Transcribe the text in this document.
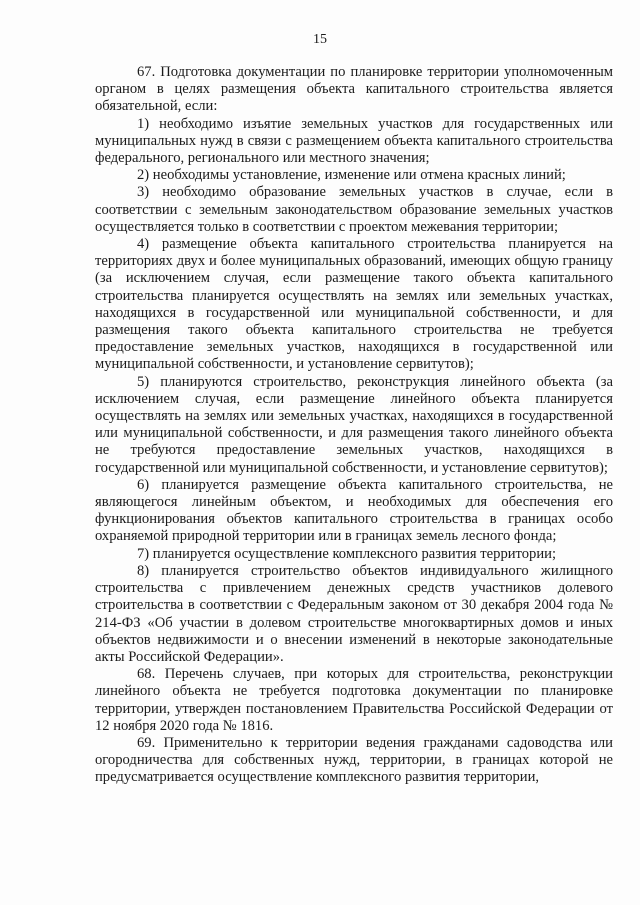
15

67. Подготовка документации по планировке территории уполномоченным органом в целях размещения объекта капитального строительства является обязательной, если:

1) необходимо изъятие земельных участков для государственных или муниципальных нужд в связи с размещением объекта капитального строительства федерального, регионального или местного значения;

2) необходимы установление, изменение или отмена красных линий;

3) необходимо образование земельных участков в случае, если в соответствии с земельным законодательством образование земельных участков осуществляется только в соответствии с проектом межевания территории;

4) размещение объекта капитального строительства планируется на территориях двух и более муниципальных образований, имеющих общую границу (за исключением случая, если размещение такого объекта капитального строительства планируется осуществлять на землях или земельных участках, находящихся в государственной или муниципальной собственности, и для размещения такого объекта капитального строительства не требуется предоставление земельных участков, находящихся в государственной или муниципальной собственности, и установление сервитутов);

5) планируются строительство, реконструкция линейного объекта (за исключением случая, если размещение линейного объекта планируется осуществлять на землях или земельных участках, находящихся в государственной или муниципальной собственности, и для размещения такого линейного объекта не требуются предоставление земельных участков, находящихся в государственной или муниципальной собственности, и установление сервитутов);

6) планируется размещение объекта капитального строительства, не являющегося линейным объектом, и необходимых для обеспечения его функционирования объектов капитального строительства в границах особо охраняемой природной территории или в границах земель лесного фонда;

7) планируется осуществление комплексного развития территории;

8) планируется строительство объектов индивидуального жилищного строительства с привлечением денежных средств участников долевого строительства в соответствии с Федеральным законом от 30 декабря 2004 года № 214-ФЗ «Об участии в долевом строительстве многоквартирных домов и иных объектов недвижимости и о внесении изменений в некоторые законодательные акты Российской Федерации».

68. Перечень случаев, при которых для строительства, реконструкции линейного объекта не требуется подготовка документации по планировке территории, утвержден постановлением Правительства Российской Федерации от 12 ноября 2020 года № 1816.

69. Применительно к территории ведения гражданами садоводства или огородничества для собственных нужд, территории, в границах которой не предусматривается осуществление комплексного развития территории,
